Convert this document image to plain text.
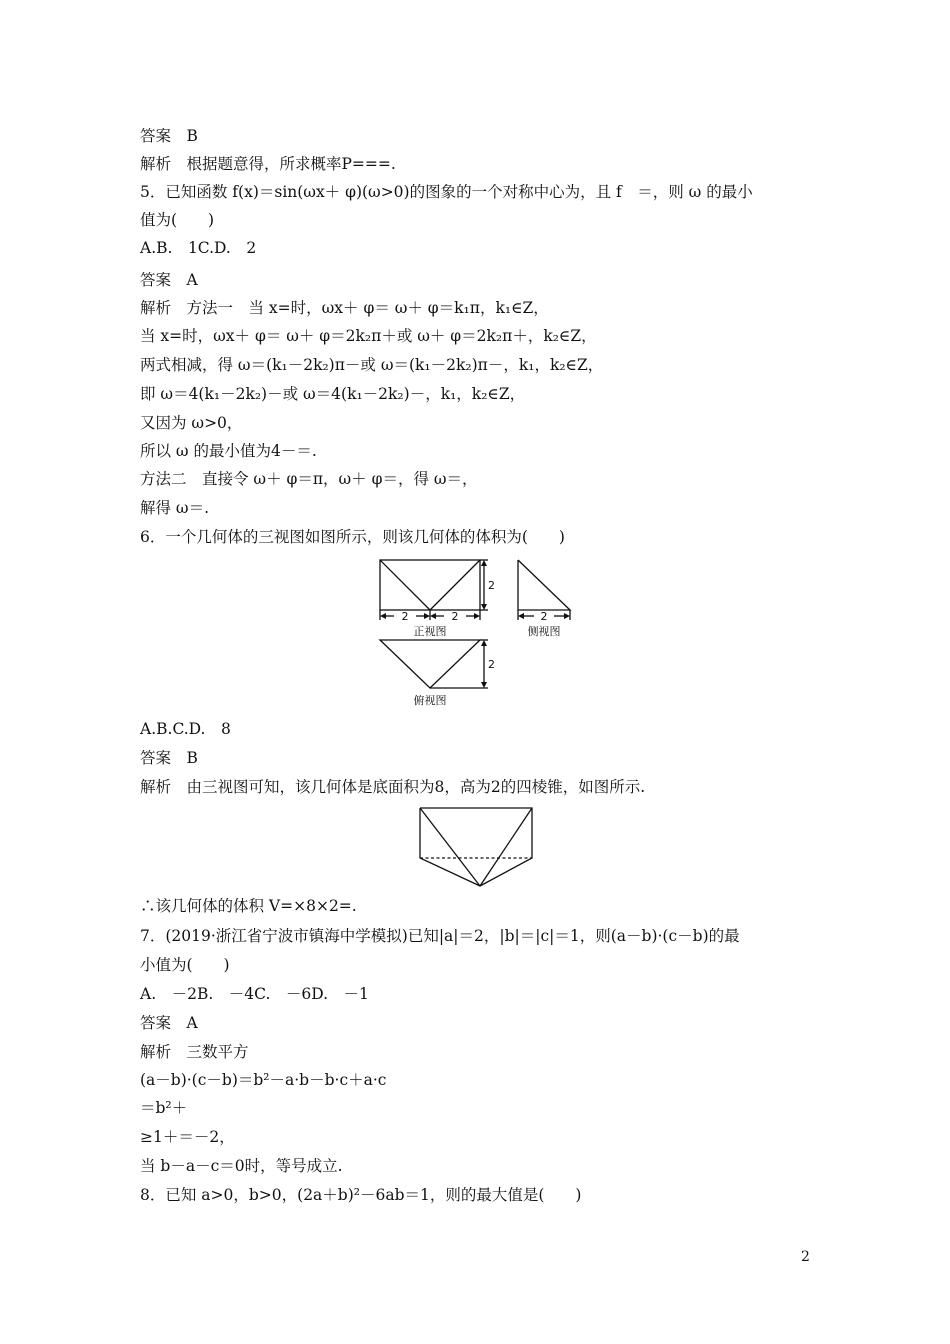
答案　B
解析　根据题意得，所求概率P===.
5．已知函数 f(x)＝sin(ωx＋ φ)(ω>0)的图象的一个对称中心为，且 f　＝，则 ω 的最小
值为(　　)
A.B.　1C.D.　2
答案　A
解析　方法一　当 x=时，ωx＋ φ＝ ω＋ φ＝k₁π，k₁∈Z，
当 x=时，ωx＋ φ＝ ω＋ φ＝2k₂π＋或 ω＋ φ＝2k₂π＋，k₂∈Z，
两式相减，得 ω＝(k₁－2k₂)π－或 ω＝(k₁－2k₂)π－，k₁，k₂∈Z，
即 ω＝4(k₁－2k₂)－或 ω＝4(k₁－2k₂)－，k₁，k₂∈Z，
又因为 ω>0，
所以 ω 的最小值为4－＝.
方法二　直接令 ω＋ φ＝π，ω＋ φ＝，得 ω＝，
解得 ω＝.
6．一个几何体的三视图如图所示，则该几何体的体积为(　　)
2
2	2
正视图
2
侧视图
2
俯视图
A.B.C.D.　8
答案　B
解析　由三视图可知，该几何体是底面积为8，高为2的四棱锥，如图所示.
∴该几何体的体积 V=×8×2=.
7．(2019·浙江省宁波市镇海中学模拟)已知|a|＝2，|b|＝|c|＝1，则(a－b)·(c－b)的最
小值为(　　)
A.　－2B.　－4C.　－6D.　－1
答案　A
解析　三数平方
(a－b)·(c－b)＝b²－a·b－b·c＋a·c
＝b²＋
≥1＋＝－2，
当 b－a－c＝0时，等号成立.
8．已知 a>0，b>0，(2a＋b)²－6ab＝1，则的最大值是(　　)
2
